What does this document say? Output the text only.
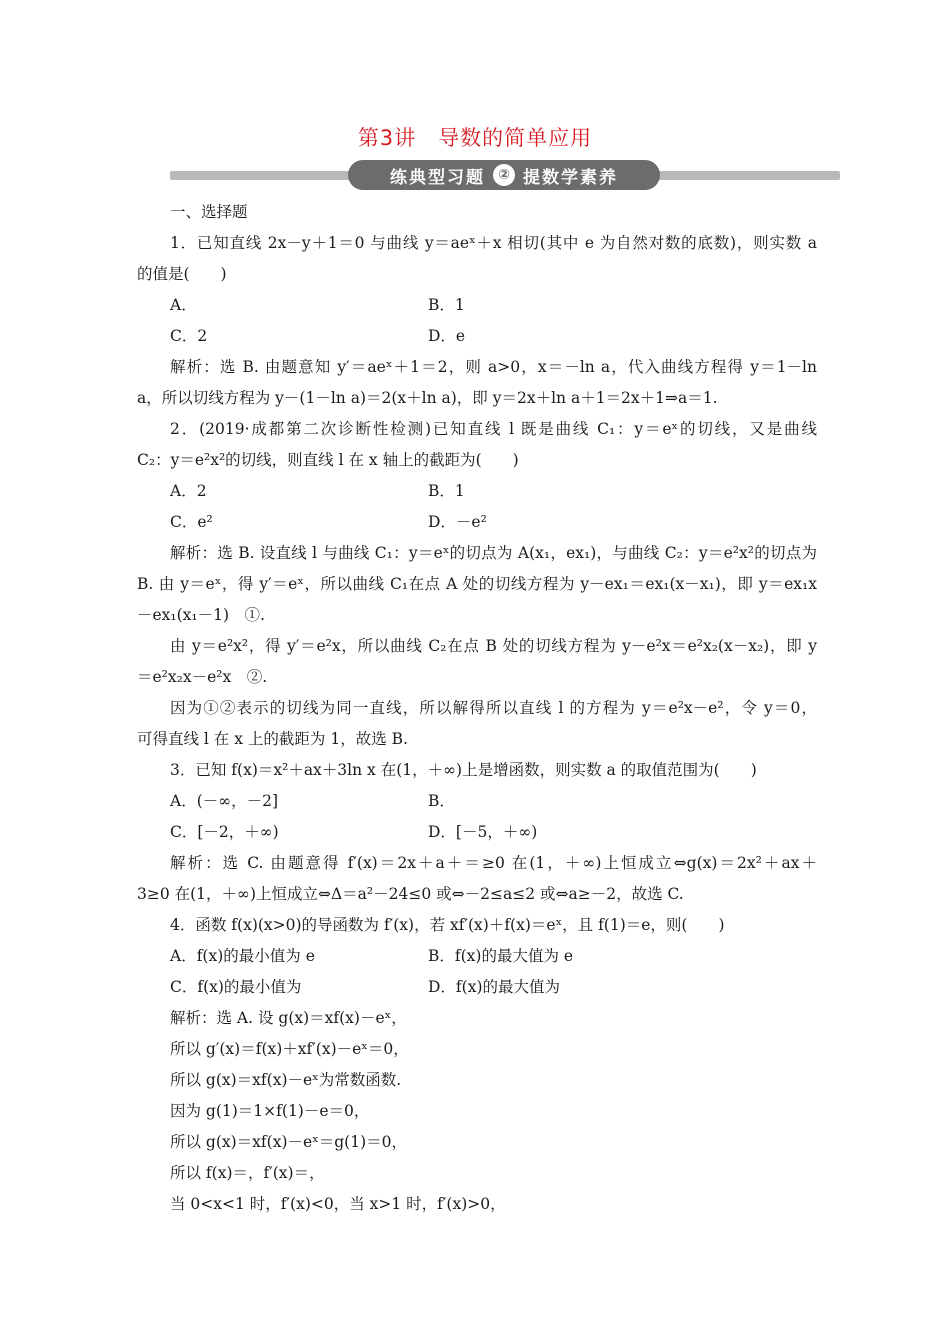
第3讲 导数的简单应用
练典型习题 ② 提数学素养
一、选择题
1．已知直线 2x－y＋1＝0 与曲线 y＝aeˣ＋x 相切(其中 e 为自然对数的底数)，则实数 a
的值是(　　)
A．	B．1
C．2	D．e
解析：选 B. 由题意知 y′＝aeˣ＋1＝2，则 a>0，x＝－ln a，代入曲线方程得 y＝1－ln
a，所以切线方程为 y－(1－ln a)＝2(x＋ln a)，即 y＝2x＋ln a＋1＝2x＋1⇒a＝1.
2．(2019·成都第二次诊断性检测)已知直线 l 既是曲线 C₁：y＝eˣ的切线，又是曲线
C₂：y＝e²x²的切线，则直线 l 在 x 轴上的截距为(　　)
A．2	B．1
C．e²	D．－e²
解析：选 B. 设直线 l 与曲线 C₁：y＝eˣ的切点为 A(x₁，ex₁)，与曲线 C₂：y＝e²x²的切点为
B. 由 y＝eˣ，得 y′＝eˣ，所以曲线 C₁在点 A 处的切线方程为 y－ex₁＝ex₁(x－x₁)，即 y＝ex₁x
－ex₁(x₁－1)　①.
由 y＝e²x²，得 y′＝e²x，所以曲线 C₂在点 B 处的切线方程为 y－e²x＝e²x₂(x－x₂)，即 y
＝e²x₂x－e²x　②.
因为①②表示的切线为同一直线，所以解得所以直线 l 的方程为 y＝e²x－e²，令 y＝0，
可得直线 l 在 x 上的截距为 1，故选 B.
3．已知 f(x)＝x²＋ax＋3ln x 在(1，＋∞)上是增函数，则实数 a 的取值范围为(　　)
A．(－∞，－2]	B．
C．[－2，＋∞)	D．[－5，＋∞)
解析：选 C. 由题意得 f′(x)＝2x＋a＋＝≥0 在(1，＋∞)上恒成立⇔g(x)＝2x²＋ax＋
3≥0 在(1，＋∞)上恒成立⇔Δ＝a²－24≤0 或⇔－2≤a≤2 或⇔a≥－2，故选 C.
4．函数 f(x)(x>0)的导函数为 f′(x)，若 xf′(x)＋f(x)＝eˣ，且 f(1)＝e，则(　　)
A．f(x)的最小值为 e	B．f(x)的最大值为 e
C．f(x)的最小值为	D．f(x)的最大值为
解析：选 A. 设 g(x)＝xf(x)－eˣ，
所以 g′(x)＝f(x)＋xf′(x)－eˣ＝0，
所以 g(x)＝xf(x)－eˣ为常数函数.
因为 g(1)＝1×f(1)－e＝0，
所以 g(x)＝xf(x)－eˣ＝g(1)＝0，
所以 f(x)＝，f′(x)＝，
当 0<x<1 时，f′(x)<0，当 x>1 时，f′(x)>0，
